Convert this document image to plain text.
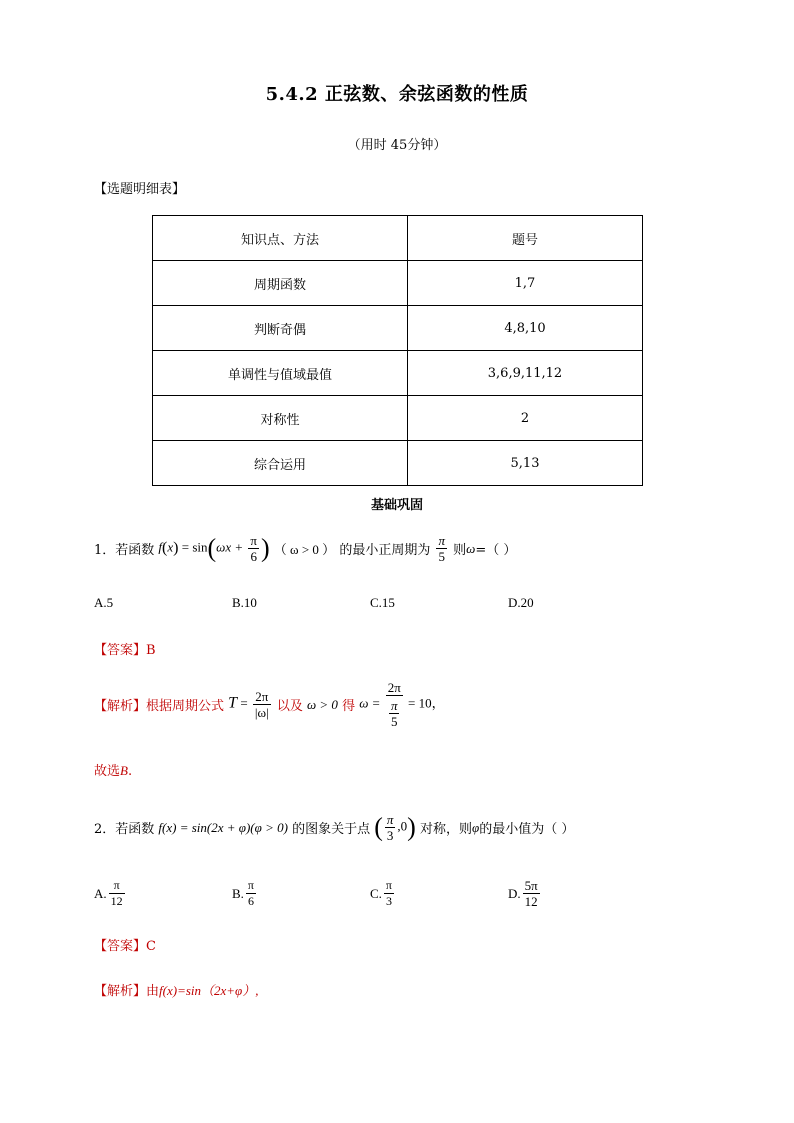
5.4.2 正弦数、余弦函数的性质
（用时 45分钟）
【选题明细表】
知识点、方法	题号
周期函数	1,7
判断奇偶	4,8,10
单调性与值域最值	3,6,9,11,12
对称性	2
综合运用	5,13
基础巩固
1．若函数 $f(x) = \sin(\omega x + \frac{\pi}{6}$ ) （ ω > 0 ） 的最小正周期为 $\frac{\pi}{5}$ 则ω=（ ）
A.5	B.10	C.15	D.20
【答案】B
【解析】根据周期公式 $T = \frac{2\pi}{|\omega|}$ 以及 ω > 0 得 $\omega = \frac{2\pi}{\frac{\pi}{5}} = 10$，
故选B.
2．若函数 f(x) = sin(2x + φ)(φ > 0) 的图象关于点 ( $\frac{\pi}{3} ,0$) 对称，则φ的最小值为（ ）
A. $\frac{\pi}{12}$	B. $\frac{\pi}{6}$	C. $\frac{\pi}{3}$	D. $\frac{5\pi}{12}$
【答案】C
【解析】由f(x)=sin（2x+φ）,
